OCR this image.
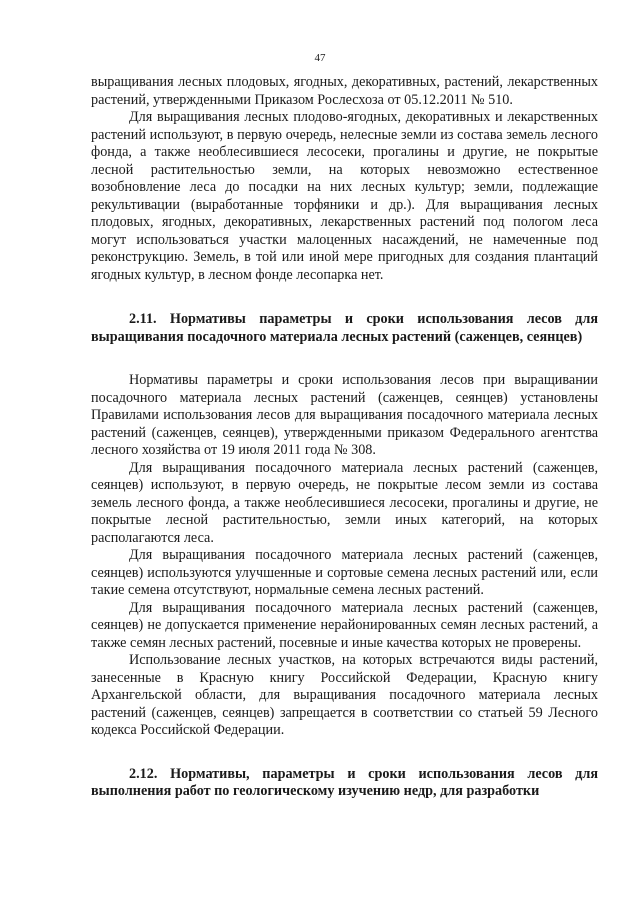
47

выращивания лесных плодовых, ягодных, декоративных, растений, лекарственных растений, утвержденными Приказом Рослесхоза от 05.12.2011 № 510.

Для выращивания лесных плодово-ягодных, декоративных и лекарственных растений используют, в первую очередь, нелесные земли из состава земель лесного фонда, а также необлесившиеся лесосеки, прогалины и другие, не покрытые лесной растительностью земли, на которых невозможно естественное возобновление леса до посадки на них лесных культур; земли, подлежащие рекультивации (выработанные торфяники и др.). Для выращивания лесных плодовых, ягодных, декоративных, лекарственных растений под пологом леса могут использоваться участки малоценных насаждений, не намеченные под реконструкцию. Земель, в той или иной мере пригодных для создания плантаций ягодных культур, в лесном фонде лесопарка нет.

2.11. Нормативы параметры и сроки использования лесов для выращивания посадочного материала лесных растений (саженцев, сеянцев)

Нормативы параметры и сроки использования лесов при выращивании посадочного материала лесных растений (саженцев, сеянцев) установлены Правилами использования лесов для выращивания посадочного материала лесных растений (саженцев, сеянцев), утвержденными приказом Федерального агентства лесного хозяйства от 19 июля 2011 года № 308.

Для выращивания посадочного материала лесных растений (саженцев, сеянцев) используют, в первую очередь, не покрытые лесом земли из состава земель лесного фонда, а также необлесившиеся лесосеки, прогалины и другие, не покрытые лесной растительностью, земли иных категорий, на которых располагаются леса.

Для выращивания посадочного материала лесных растений (саженцев, сеянцев) используются улучшенные и сортовые семена лесных растений или, если такие семена отсутствуют, нормальные семена лесных растений.

Для выращивания посадочного материала лесных растений (саженцев, сеянцев) не допускается применение нерайонированных семян лесных растений, а также семян лесных растений, посевные и иные качества которых не проверены.

Использование лесных участков, на которых встречаются виды растений, занесенные в Красную книгу Российской Федерации, Красную книгу Архангельской области, для выращивания посадочного материала лесных растений (саженцев, сеянцев) запрещается в соответствии со статьей 59 Лесного кодекса Российской Федерации.

2.12. Нормативы, параметры и сроки использования лесов для выполнения работ по геологическому изучению недр, для разработки
